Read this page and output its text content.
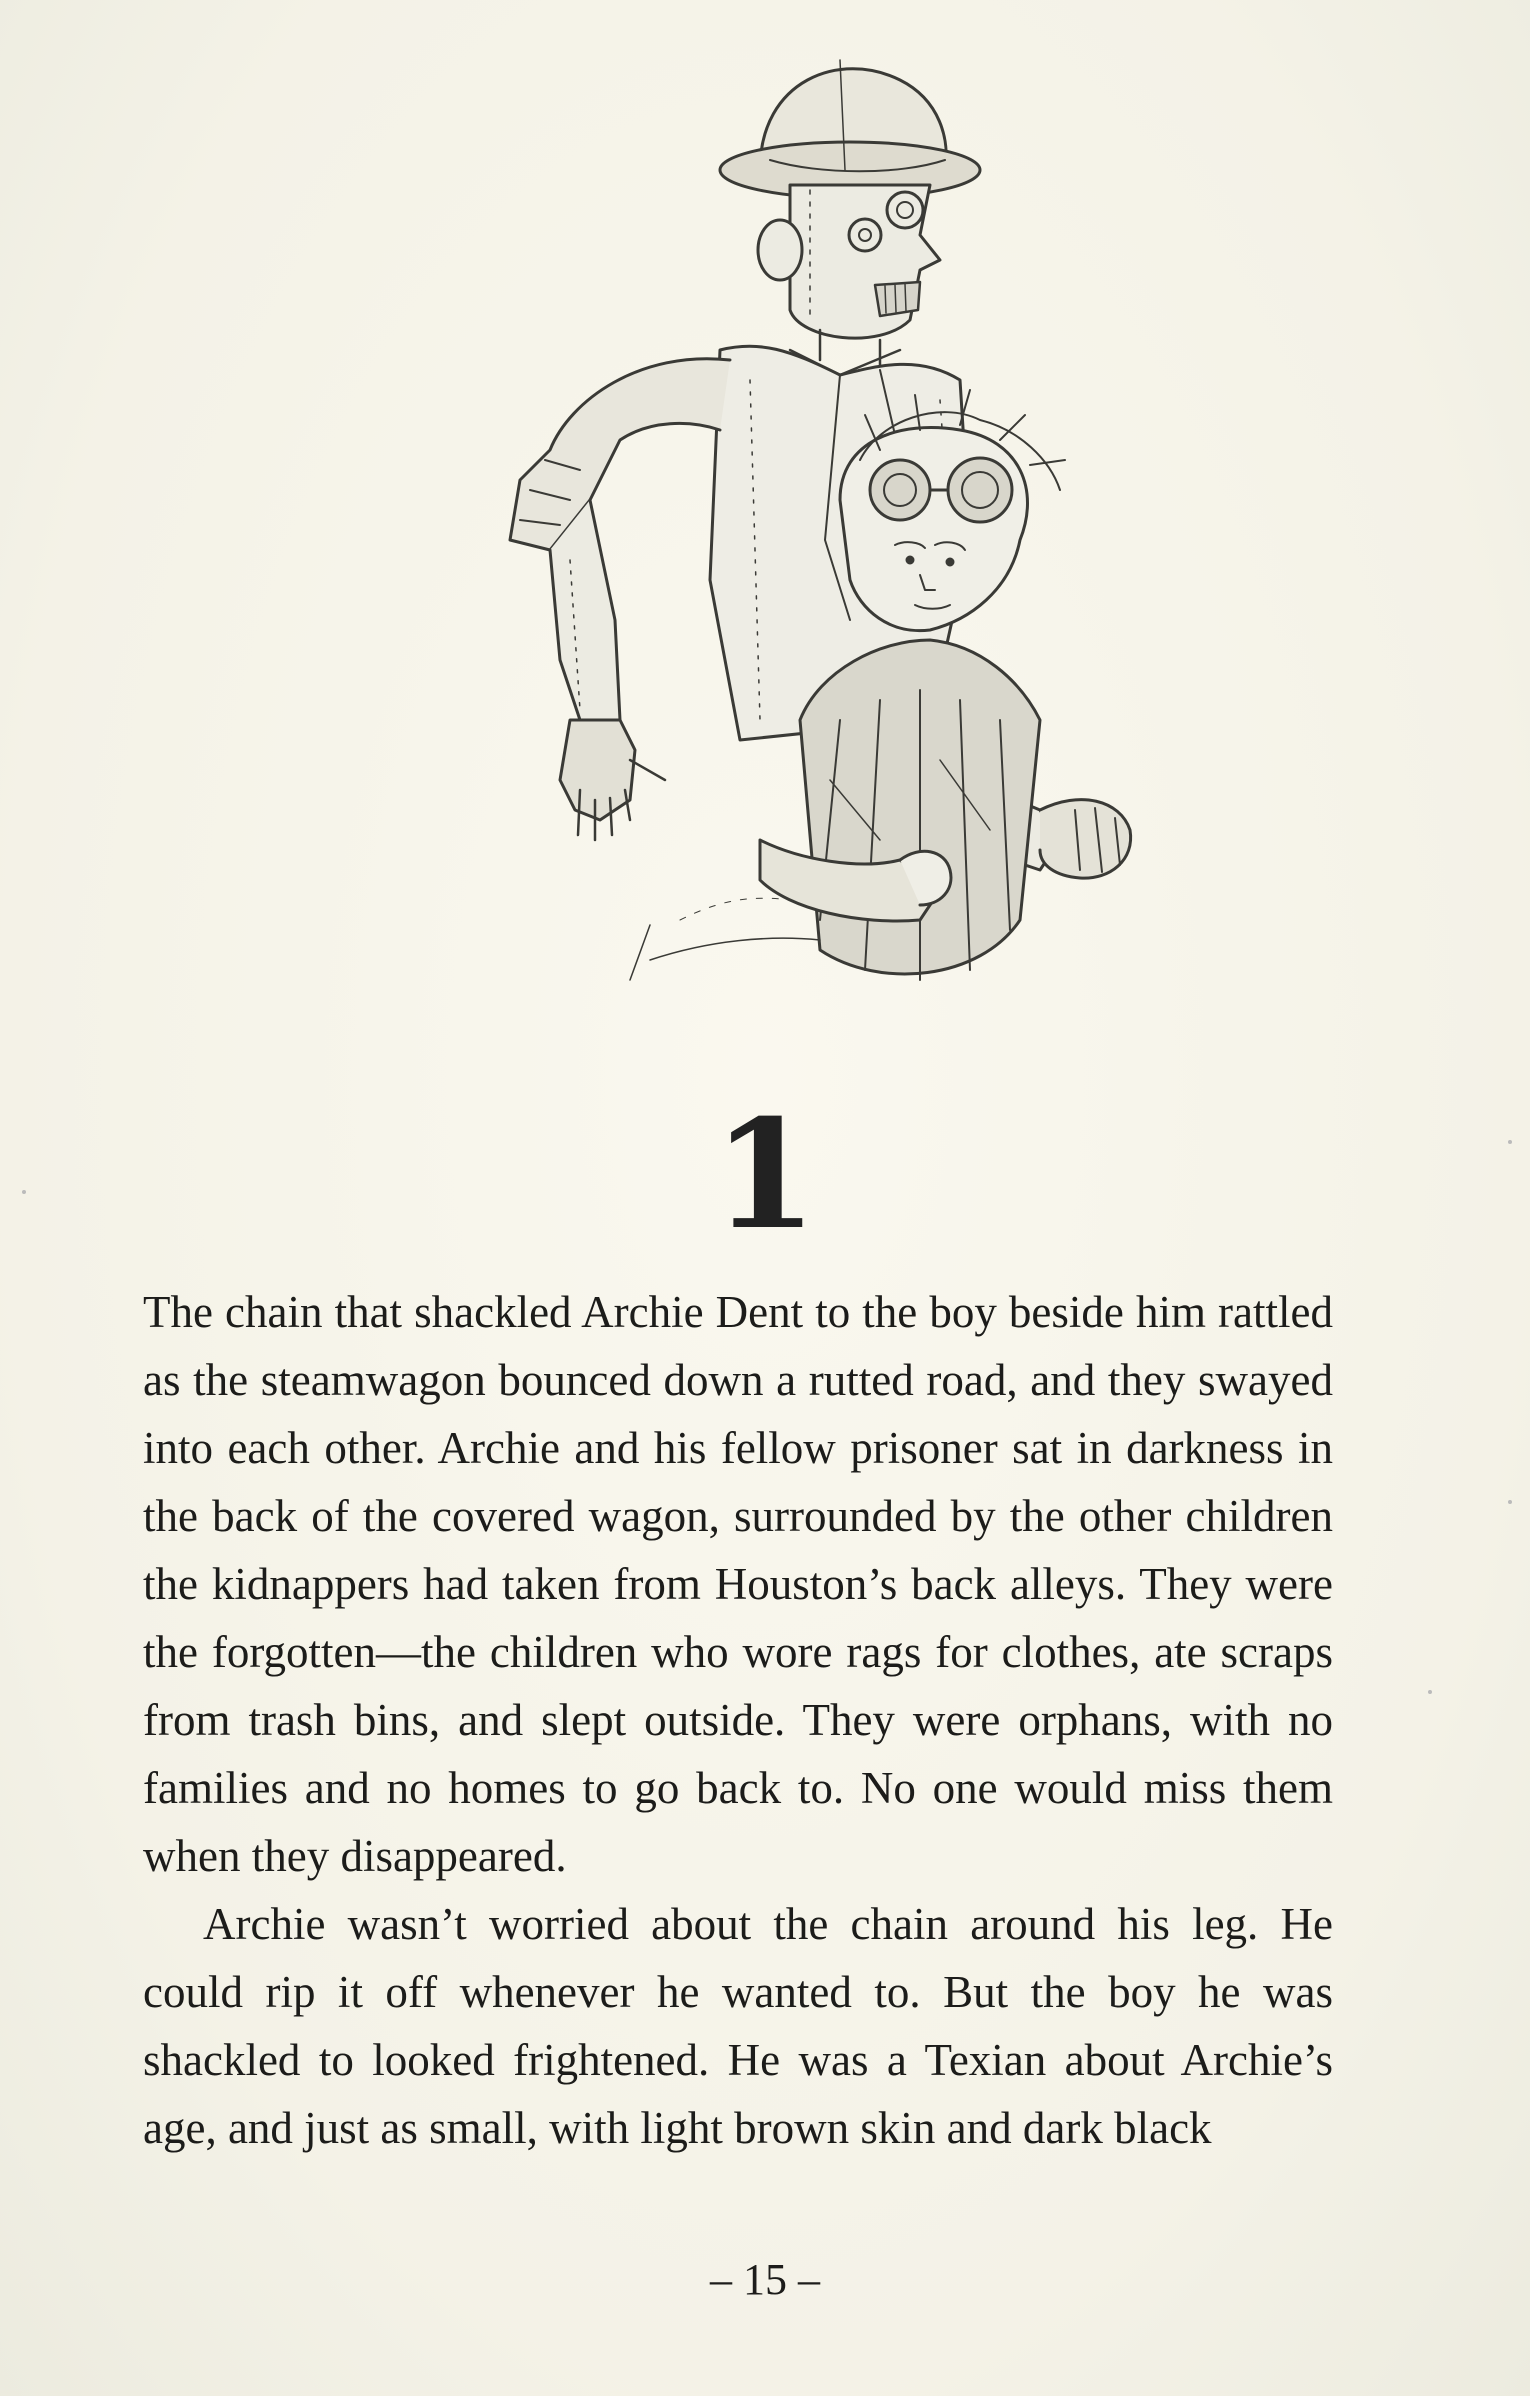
1

The chain that shackled Archie Dent to the boy beside him rattled as the steamwagon bounced down a rutted road, and they swayed into each other. Archie and his fellow prisoner sat in darkness in the back of the covered wagon, surrounded by the other children the kidnappers had taken from Houston’s back alleys. They were the forgotten—the children who wore rags for clothes, ate scraps from trash bins, and slept outside. They were orphans, with no families and no homes to go back to. No one would miss them when they disappeared.

Archie wasn’t worried about the chain around his leg. He could rip it off whenever he wanted to. But the boy he was shackled to looked frightened. He was a Texian about Archie’s age, and just as small, with light brown skin and dark black

– 15 –
